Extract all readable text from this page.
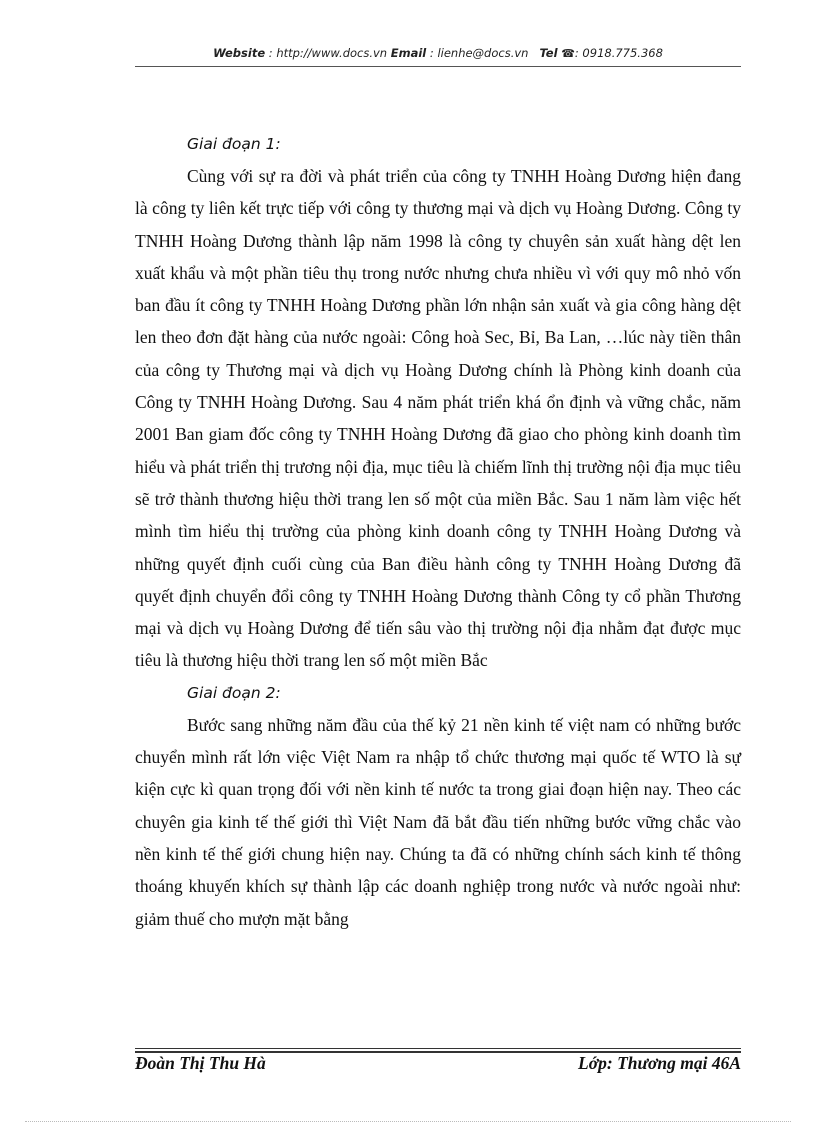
Website : http://www.docs.vn Email : lienhe@docs.vn Tel ☎: 0918.775.368

Giai đoạn 1:

Cùng với sự ra đời và phát triển của công ty TNHH Hoàng Dương hiện đang là công ty liên kết trực tiếp với công ty thương mại và dịch vụ Hoàng Dương. Công ty TNHH Hoàng Dương thành lập năm 1998 là công ty chuyên sản xuất hàng dệt len xuất khẩu và một phần tiêu thụ trong nước nhưng chưa nhiều vì với quy mô nhỏ vốn ban đầu ít công ty TNHH Hoàng Dương phần lớn nhận sản xuất và gia công hàng dệt len theo đơn đặt hàng của nước ngoài: Công hoà Sec, Bỉ, Ba Lan, …lúc này tiền thân của công ty Thương mại và dịch vụ Hoàng Dương chính là Phòng kinh doanh của Công ty TNHH Hoàng Dương. Sau 4 năm phát triển khá ổn định và vững chắc, năm 2001 Ban giam đốc công ty TNHH Hoàng Dương đã giao cho phòng kinh doanh tìm hiểu và phát triển thị trương nội địa, mục tiêu là chiếm lĩnh thị trường nội địa mục tiêu sẽ trở thành thương hiệu thời trang len số một của miền Bắc. Sau 1 năm làm việc hết mình tìm hiểu thị trường của phòng kinh doanh công ty TNHH Hoàng Dương và những quyết định cuối cùng của Ban điều hành công ty TNHH Hoàng Dương đã quyết định chuyển đổi công ty TNHH Hoàng Dương thành Công ty cổ phần Thương mại và dịch vụ Hoàng Dương để tiến sâu vào thị trường nội địa nhằm đạt được mục tiêu là thương hiệu thời trang len số một miền Bắc

Giai đoạn 2:

Bước sang những năm đầu của thế kỷ 21 nền kinh tế việt nam có những bước chuyển mình rất lớn việc Việt Nam ra nhập tổ chức thương mại quốc tế WTO là sự kiện cực kì quan trọng đối với nền kinh tế nước ta trong giai đoạn hiện nay. Theo các chuyên gia kinh tế thế giới thì Việt Nam đã bắt đầu tiến những bước vững chắc vào nền kinh tế thế giới chung hiện nay. Chúng ta đã có những chính sách kinh tế thông thoáng khuyến khích sự thành lập các doanh nghiệp trong nước và nước ngoài như: giảm thuế cho mượn mặt bằng

Đoàn Thị Thu Hà	Lớp: Thương mại 46A
